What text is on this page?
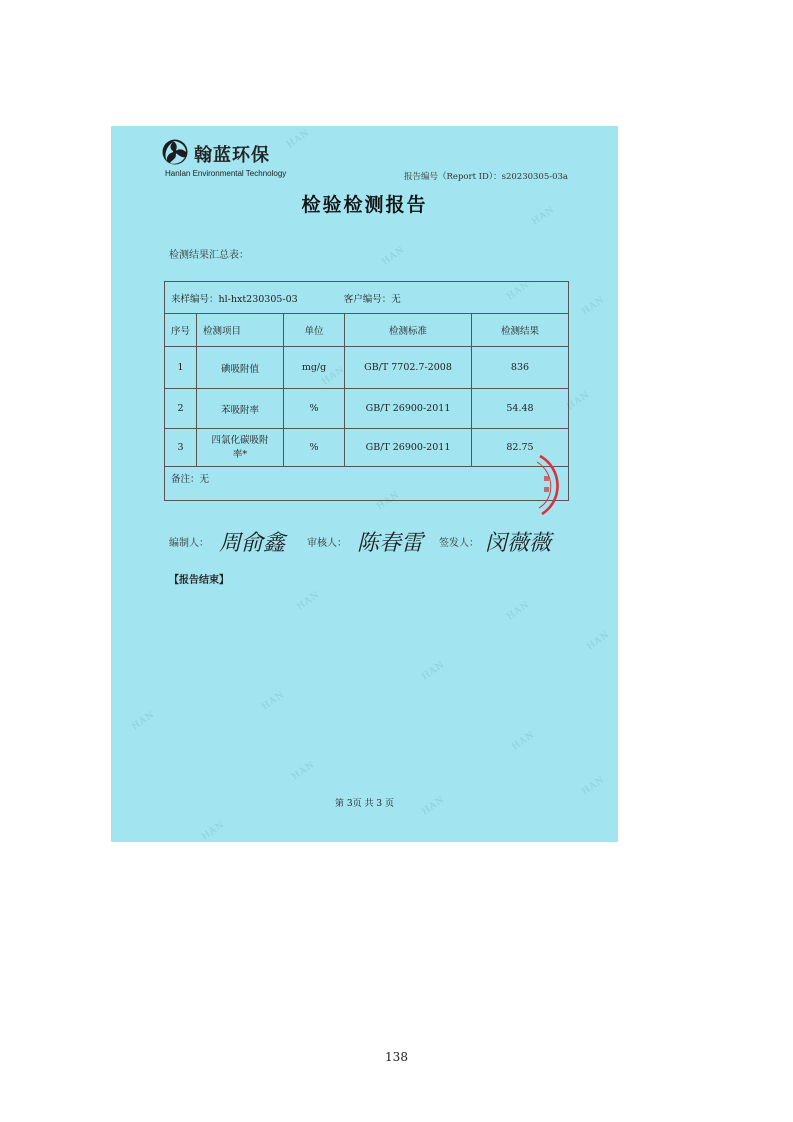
HAN
HAN
HAN
HAN
HAN
HAN
HAN
HAN
HAN	HAN
HAN
HAN
HAN
HAN
HAN
HAN
HAN
HAN
HAN
翰蓝环保
Hanlan Environmental Technology	报告编号（Report ID）：s20230305-03a
检验检测报告
检测结果汇总表：
来样编号：hl-hxt230305-03 客户编号：无				
序号	检测项目	单位	检测标准	检测结果
1	碘吸附值	mg/g	GB/T 7702.7-2008	836
2	苯吸附率	%	GB/T 26900-2011	54.48
3	四氯化碳吸附率*	%	GB/T 26900-2011	82.75
备注：无				
编制人： 周俞鑫 审核人： 陈春雷 签发人： 闵薇薇
【报告结束】
第 3页 共 3 页
138
